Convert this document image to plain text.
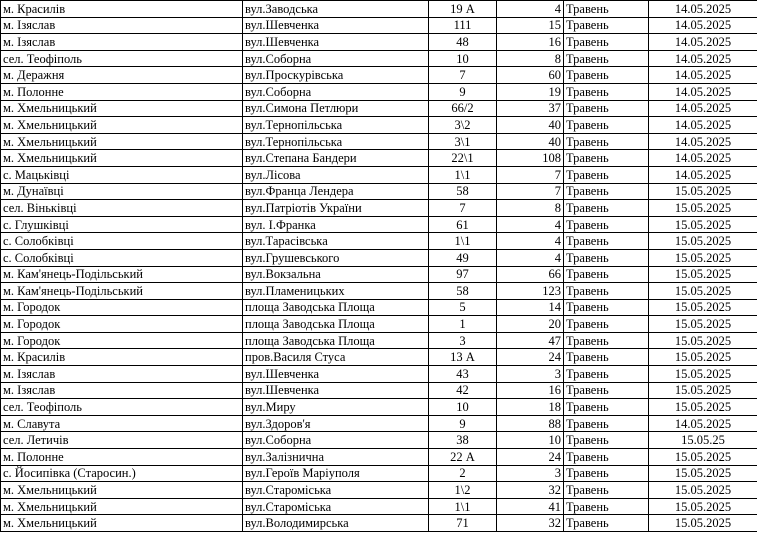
м. Красилів	вул.Заводська	19 А	4	Травень	14.05.2025
м. Ізяслав	вул.Шевченка	111	15	Травень	14.05.2025
м. Ізяслав	вул.Шевченка	48	16	Травень	14.05.2025
сел. Теофіполь	вул.Соборна	10	8	Травень	14.05.2025
м. Деражня	вул.Проскурівська	7	60	Травень	14.05.2025
м. Полонне	вул.Соборна	9	19	Травень	14.05.2025
м. Хмельницький	вул.Симона Петлюри	66/2	37	Травень	14.05.2025
м. Хмельницький	вул.Тернопільська	3\2	40	Травень	14.05.2025
м. Хмельницький	вул.Тернопільська	3\1	40	Травень	14.05.2025
м. Хмельницький	вул.Степана Бандери	22\1	108	Травень	14.05.2025
с. Мацьківці	вул.Лісова	1\1	7	Травень	14.05.2025
м. Дунаївці	вул.Франца Лендера	58	7	Травень	15.05.2025
сел. Віньківці	вул.Патріотів України	7	8	Травень	15.05.2025
с. Глушківці	вул. І.Франка	61	4	Травень	15.05.2025
с. Солобківці	вул.Тарасівська	1\1	4	Травень	15.05.2025
с. Солобківці	вул.Грушевського	49	4	Травень	15.05.2025
м. Кам'янець-Подільський	вул.Вокзальна	97	66	Травень	15.05.2025
м. Кам'янець-Подільський	вул.Пламеницьких	58	123	Травень	15.05.2025
м. Городок	площа Заводська Площа	5	14	Травень	15.05.2025
м. Городок	площа Заводська Площа	1	20	Травень	15.05.2025
м. Городок	площа Заводська Площа	3	47	Травень	15.05.2025
м. Красилів	пров.Василя Стуса	13 А	24	Травень	15.05.2025
м. Ізяслав	вул.Шевченка	43	3	Травень	15.05.2025
м. Ізяслав	вул.Шевченка	42	16	Травень	15.05.2025
сел. Теофіполь	вул.Миру	10	18	Травень	15.05.2025
м. Славута	вул.Здоров'я	9	88	Травень	14.05.2025
сел. Летичів	вул.Соборна	38	10	Травень	15.05.25
м. Полонне	вул.Залізнична	22 А	24	Травень	15.05.2025
с. Йосипівка (Старосин.)	вул.Героїв Маріуполя	2	3	Травень	15.05.2025
м. Хмельницький	вул.Староміська	1\2	32	Травень	15.05.2025
м. Хмельницький	вул.Староміська	1\1	41	Травень	15.05.2025
м. Хмельницький	вул.Володимирська	71	32	Травень	15.05.2025
